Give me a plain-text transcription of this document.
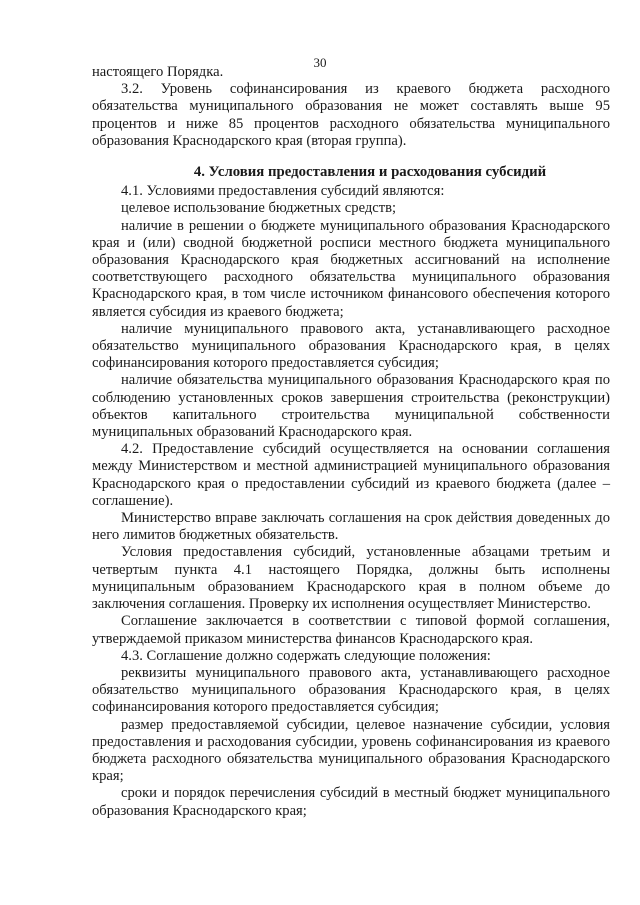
30

настоящего Порядка.

3.2. Уровень софинансирования из краевого бюджета расходного обязательства муниципального образования не может составлять выше 95 процентов и ниже 85 процентов расходного обязательства муниципального образования Краснодарского края (вторая группа).

4. Условия предоставления и расходования субсидий

4.1. Условиями предоставления субсидий являются:

целевое использование бюджетных средств;

наличие в решении о бюджете муниципального образования Краснодарского края и (или) сводной бюджетной росписи местного бюджета муниципального образования Краснодарского края бюджетных ассигнований на исполнение соответствующего расходного обязательства муниципального образования Краснодарского края, в том числе источником финансового обеспечения которого является субсидия из краевого бюджета;

наличие муниципального правового акта, устанавливающего расходное обязательство муниципального образования Краснодарского края, в целях софинансирования которого предоставляется субсидия;

наличие обязательства муниципального образования Краснодарского края по соблюдению установленных сроков завершения строительства (реконструкции) объектов капитального строительства муниципальной собственности муниципальных образований Краснодарского края.

4.2. Предоставление субсидий осуществляется на основании соглашения между Министерством и местной администрацией муниципального образования Краснодарского края о предоставлении субсидий из краевого бюджета (далее – соглашение).

Министерство вправе заключать соглашения на срок действия доведенных до него лимитов бюджетных обязательств.

Условия предоставления субсидий, установленные абзацами третьим и четвертым пункта 4.1 настоящего Порядка, должны быть исполнены муниципальным образованием Краснодарского края в полном объеме до заключения соглашения. Проверку их исполнения осуществляет Министерство.

Соглашение заключается в соответствии с типовой формой соглашения, утверждаемой приказом министерства финансов Краснодарского края.

4.3. Соглашение должно содержать следующие положения:

реквизиты муниципального правового акта, устанавливающего расходное обязательство муниципального образования Краснодарского края, в целях софинансирования которого предоставляется субсидия;

размер предоставляемой субсидии, целевое назначение субсидии, условия предоставления и расходования субсидии, уровень софинансирования из краевого бюджета расходного обязательства муниципального образования Краснодарского края;

сроки и порядок перечисления субсидий в местный бюджет муниципального образования Краснодарского края;
